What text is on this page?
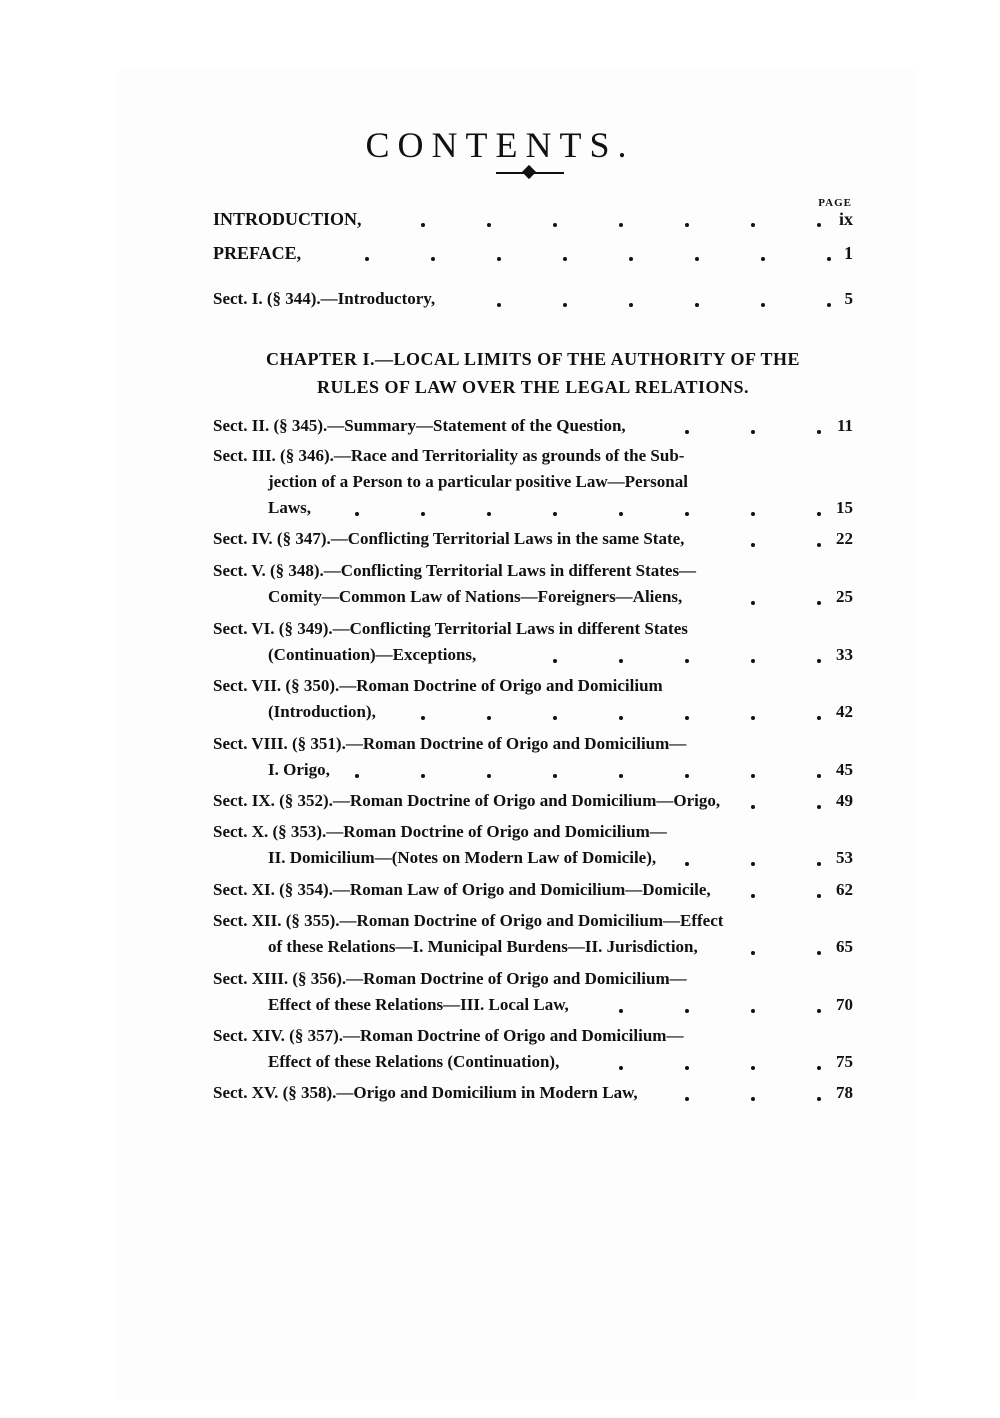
CONTENTS.
PAGE
INTRODUCTION,	ix
PREFACE,	1
Sect. I. (§ 344).—Introductory,	5
CHAPTER I.—LOCAL LIMITS OF THE AUTHORITY OF THE
RULES OF LAW OVER THE LEGAL RELATIONS.
Sect. II. (§ 345).—Summary—Statement of the Question,	11
Sect. III. (§ 346).—Race and Territoriality as grounds of the Sub-
jection of a Person to a particular positive Law—Personal
Laws,	15
Sect. IV. (§ 347).—Conflicting Territorial Laws in the same State,	22
Sect. V. (§ 348).—Conflicting Territorial Laws in different States—
Comity—Common Law of Nations—Foreigners—Aliens,	25
Sect. VI. (§ 349).—Conflicting Territorial Laws in different States
(Continuation)—Exceptions,	33
Sect. VII. (§ 350).—Roman Doctrine of Origo and Domicilium
(Introduction),	42
Sect. VIII. (§ 351).—Roman Doctrine of Origo and Domicilium—
I. Origo,	45
Sect. IX. (§ 352).—Roman Doctrine of Origo and Domicilium—Origo,	49
Sect. X. (§ 353).—Roman Doctrine of Origo and Domicilium—
II. Domicilium—(Notes on Modern Law of Domicile),	53
Sect. XI. (§ 354).—Roman Law of Origo and Domicilium—Domicile,	62
Sect. XII. (§ 355).—Roman Doctrine of Origo and Domicilium—Effect
of these Relations—I. Municipal Burdens—II. Jurisdiction,	65
Sect. XIII. (§ 356).—Roman Doctrine of Origo and Domicilium—
Effect of these Relations—III. Local Law,	70
Sect. XIV. (§ 357).—Roman Doctrine of Origo and Domicilium—
Effect of these Relations (Continuation),	75
Sect. XV. (§ 358).—Origo and Domicilium in Modern Law,	78
